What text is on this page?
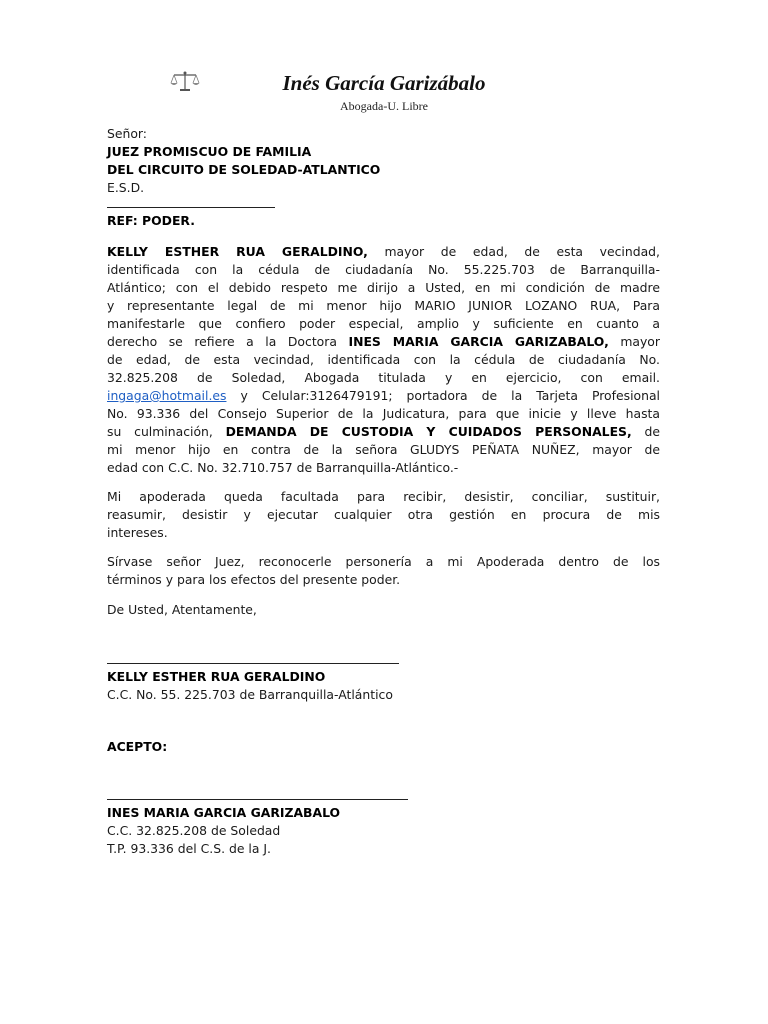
Inés García Garizábalo
Abogada-U. Libre
Señor:
JUEZ PROMISCUO DE FAMILIA
DEL CIRCUITO DE SOLEDAD-ATLANTICO
E.S.D.
REF: PODER.
KELLY ESTHER RUA GERALDINO, mayor de edad, de esta vecindad,
identificada con la cédula de ciudadanía No. 55.225.703 de Barranquilla-
Atlántico; con el debido respeto me dirijo a Usted, en mi condición de madre
y representante legal de mi menor hijo MARIO JUNIOR LOZANO RUA, Para
manifestarle que confiero poder especial, amplio y suficiente en cuanto a
derecho se refiere a la Doctora INES MARIA GARCIA GARIZABALO, mayor
de edad, de esta vecindad, identificada con la cédula de ciudadanía No.
32.825.208 de Soledad, Abogada titulada y en ejercicio, con email.
ingaga@hotmail.es y Celular:3126479191; portadora de la Tarjeta Profesional
No. 93.336 del Consejo Superior de la Judicatura, para que inicie y lleve hasta
su culminación, DEMANDA DE CUSTODIA Y CUIDADOS PERSONALES, de
mi menor hijo en contra de la señora GLUDYS PEÑATA NUÑEZ, mayor de
edad con C.C. No. 32.710.757 de Barranquilla-Atlántico.-
Mi apoderada queda facultada para recibir, desistir, conciliar, sustituir,
reasumir, desistir y ejecutar cualquier otra gestión en procura de mis
intereses.
Sírvase señor Juez, reconocerle personería a mi Apoderada dentro de los
términos y para los efectos del presente poder.
De Usted, Atentamente,
KELLY ESTHER RUA GERALDINO
C.C. No. 55. 225.703 de Barranquilla-Atlántico
ACEPTO:
INES MARIA GARCIA GARIZABALO
C.C. 32.825.208 de Soledad
T.P. 93.336 del C.S. de la J.
